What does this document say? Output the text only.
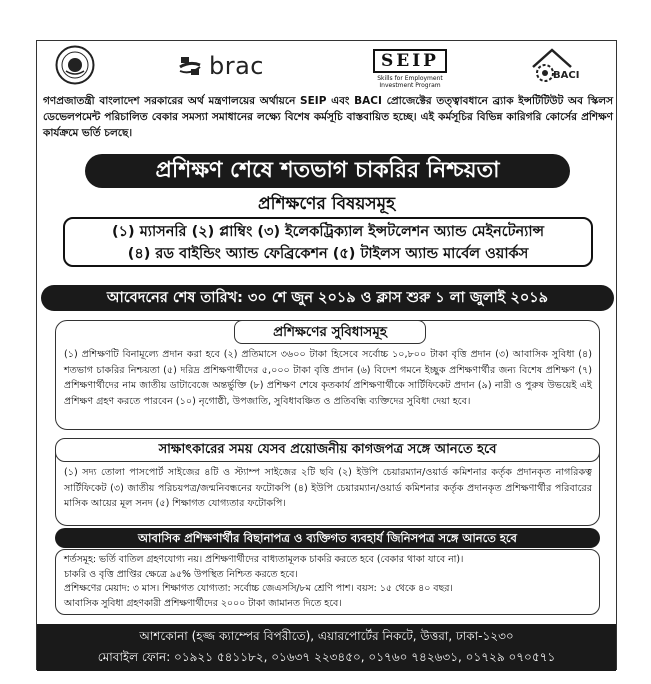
brac	SEIP
Skills for Employment Investment Program
BACI
গণপ্রজাতন্ত্রী বাংলাদেশ সরকারের অর্থ মন্ত্রণালয়ের অর্থায়নে SEIP এবং BACI প্রোজেক্টের তত্ত্বাবধানে ব্র্যাক ইন্সটিটিউট অব স্কিলস ডেভেলপমেন্ট পরিচালিত বেকার সমস্যা সমাধানের লক্ষ্যে বিশেষ কর্মসূচি বাস্তবায়িত হচ্ছে। এই কর্মসূচির বিভিন্ন কারিগরি কোর্সের প্রশিক্ষণ কার্যক্রমে ভর্তি চলছে।
প্রশিক্ষণ শেষে শতভাগ চাকরির নিশ্চয়তা
প্রশিক্ষণের বিষয়সমূহ
(১) ম্যাসনরি (২) প্লাম্বিং (৩) ইলেকট্রিক্যাল ইন্সটলেশন অ্যান্ড মেইনটেন্যান্স
(৪) রড বাইন্ডিং অ্যান্ড ফেব্রিকেশন (৫) টাইলস অ্যান্ড মার্বেল ওয়ার্কস
আবেদনের শেষ তারিখ: ৩০ শে জুন ২০১৯ ও ক্লাস শুরু ১ লা জুলাই ২০১৯
প্রশিক্ষণের সুবিধাসমূহ
(১) প্রশিক্ষণটি বিনামূল্যে প্রদান করা হবে (২) প্রতিমাসে ৩৬০০ টাকা হিসেবে সর্বোচ্চ ১০,৮০০ টাকা বৃত্তি প্রদান (৩) আবাসিক সুবিধা (৪) শতভাগ চাকরির নিশ্চয়তা (৫) দরিদ্র প্রশিক্ষণার্থীদের ৫,০০০ টাকা বৃত্তি প্রদান (৬) বিদেশ গমনে ইচ্ছুক প্রশিক্ষণার্থীর জন্য বিশেষ প্রশিক্ষণ (৭) প্রশিক্ষণার্থীদের নাম জাতীয় ডাটাবেজে অন্তর্ভুক্তি (৮) প্রশিক্ষণ শেষে কৃতকার্য প্রশিক্ষণার্থীকে সার্টিফিকেট প্রদান (৯) নারী ও পুরুষ উভয়েই এই প্রশিক্ষণ গ্রহণ করতে পারবেন (১০) নৃগোষ্ঠী, উপজাতি, সুবিধাবঞ্চিত ও প্রতিবন্ধি ব্যক্তিদের সুবিধা দেয়া হবে।
সাক্ষাৎকারের সময় যেসব প্রয়োজনীয় কাগজপত্র সঙ্গে আনতে হবে
(১) সদ্য তোলা পাসপোর্ট সাইজের ৪টি ও স্ট্যাম্প সাইজের ২টি ছবি (২) ইউপি চেয়ারম্যান/ওয়ার্ড কমিশনার কর্তৃক প্রদানকৃত নাগরিকত্ব সার্টিফিকেট (৩) জাতীয় পরিচয়পত্র/জন্মনিবন্ধনের ফটোকপি (৪) ইউপি চেয়ারম্যান/ওয়ার্ড কমিশনার কর্তৃক প্রদানকৃত প্রশিক্ষণার্থীর পরিবারের মাসিক আয়ের মূল সনদ (৫) শিক্ষাগত যোগ্যতার ফটোকপি।
আবাসিক প্রশিক্ষণার্থীর বিছানাপত্র ও ব্যক্তিগত ব্যবহার্য জিনিসপত্র সঙ্গে আনতে হবে
শর্তসমূহ: ভর্তি বাতিল গ্রহণযোগ্য নয়। প্রশিক্ষণার্থীদের বাধ্যতামূলক চাকরি করতে হবে (বেকার থাকা যাবে না)।
চাকরি ও বৃত্তি প্রাপ্তির ক্ষেত্রে ৯৫% উপস্থিত নিশ্চিত করতে হবে।
প্রশিক্ষণের মেয়াদ: ৩ মাস। শিক্ষাগত যোগ্যতা: সর্বোচ্চ জেএসসি/৮ম শ্রেণি পাশ। বয়স: ১৫ থেকে ৪০ বছর।
আবাসিক সুবিধা গ্রহণকারী প্রশিক্ষণার্থীদের ২০০০ টাকা জামানত দিতে হবে।
আশকোনা (হজ্জ ক্যাম্পের বিপরীতে), এয়ারপোর্টের নিকটে, উত্তরা, ঢাকা-১২৩০
মোবাইল ফোন: ০১৯২১ ৫৪১১৮২, ০১৬৩৭ ২২৩৪৫০, ০১৭৬০ ৭৪২৬৩১, ০১৭২৯ ০৭০৫৭১
